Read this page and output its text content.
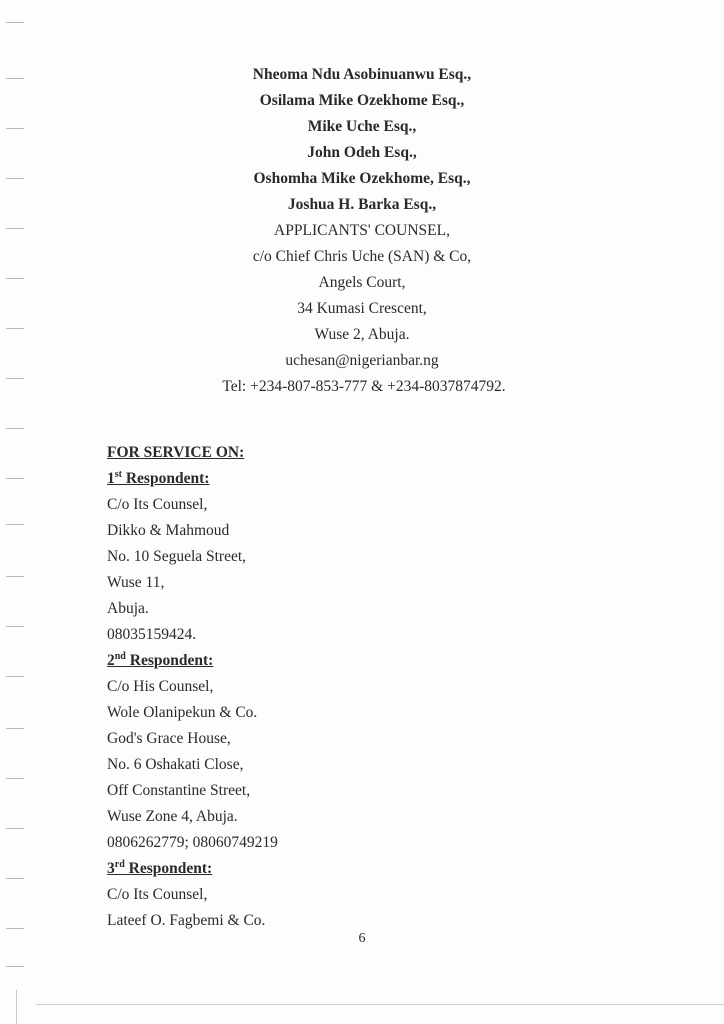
Nheoma Ndu Asobinuanwu Esq.,
Osilama Mike Ozekhome Esq.,
Mike Uche Esq.,
John Odeh Esq.,
Oshomha Mike Ozekhome, Esq.,
Joshua H. Barka Esq.,
APPLICANTS' COUNSEL,
c/o Chief Chris Uche (SAN) & Co,
Angels Court,
34 Kumasi Crescent,
Wuse 2, Abuja.
uchesan@nigerianbar.ng
Tel: +234-807-853-777 & +234-8037874792.
FOR SERVICE ON:
1st Respondent:
C/o Its Counsel,
Dikko & Mahmoud
No. 10 Seguela Street,
Wuse 11,
Abuja.
08035159424.
2nd Respondent:
C/o His Counsel,
Wole Olanipekun & Co.
God's Grace House,
No. 6 Oshakati Close,
Off Constantine Street,
Wuse Zone 4, Abuja.
0806262779; 08060749219
3rd Respondent:
C/o Its Counsel,
Lateef O. Fagbemi & Co.
6
